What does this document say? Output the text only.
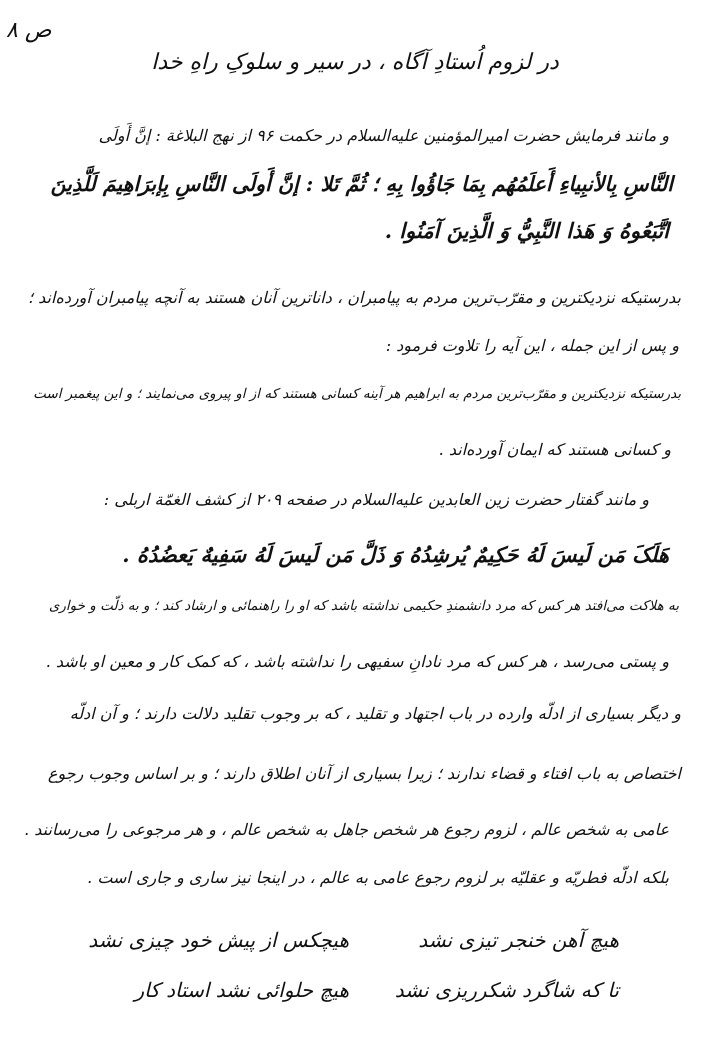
ص ۸
در لزوم اُستادِ آگاه ، در سیر و سلوکِ راهِ خدا
و مانند فرمایش حضرت امیرالمؤمنین علیه‌السلام در حکمت ۹۶ از نهج البلاغة : إنَّ أَولَى
النَّاسِ بِالأنبِياءِ أَعلَمُهُم بِمَا جَاؤُوا بِهِ ؛ ثُمَّ تَلا : إنَّ أَولَى النَّاسِ بِإبرَاهِيمَ لَلَّذِينَ
اتَّبَعُوهُ وَ هَذا النَّبِيُّ وَ الَّذِينَ آمَنُوا .
بدرستیکه نزدیکترین و مقرّب‌ترین مردم به پیامبران ، داناترین آنان هستند به آنچه پیامبران آورده‌اند ؛
و پس از این جمله ، این آیه را تلاوت فرمود :
بدرستیکه نزدیکترین و مقرّب‌ترین مردم به ابراهیم هر آینه کسانی هستند که از او پیروی می‌نمایند ؛ و این پیغمبر است
و کسانی هستند که ایمان آورده‌اند .
و مانند گفتار حضرت زین العابدین علیه‌السلام در صفحه ۲۰۹ از کشف الغمّة اربلی :
هَلَکَ مَن لَيسَ لَهُ حَكِيمٌ يُرشِدُهُ وَ ذَلَّ مَن لَيسَ لَهُ سَفِيهٌ يَعضُدُهُ .
به هلاکت می‌افتد هر کس که مرد دانشمندِ حکیمی نداشته باشد که او را راهنمائی و ارشاد کند ؛ و به ذلّت و خواری
و پستی می‌رسد ، هر کس که مرد نادانِ سفیهی را نداشته باشد ، که کمک کار و معین او باشد .
و دیگر بسیاری از ادلّه وارده در باب اجتهاد و تقلید ، که بر وجوب تقلید دلالت دارند ؛ و آن ادلّه
اختصاص به باب افتاء و قضاء ندارند ؛ زیرا بسیاری از آنان اطلاق دارند ؛ و بر اساس وجوب رجوع
عامی به شخص عالم ، لزوم رجوع هر شخص جاهل به شخص عالم ، و هر مرجوعی را می‌رسانند .
بلکه ادلّه فطریّه و عقلیّه بر لزوم رجوع عامی به عالم ، در اینجا نیز ساری و جاری است .
هیچکس از پیش خود چیزی نشد	هیچ آهن خنجر تیزی نشد
هیچ حلوائی نشد استاد کار تا که شاگرد شکرریزی نشد
